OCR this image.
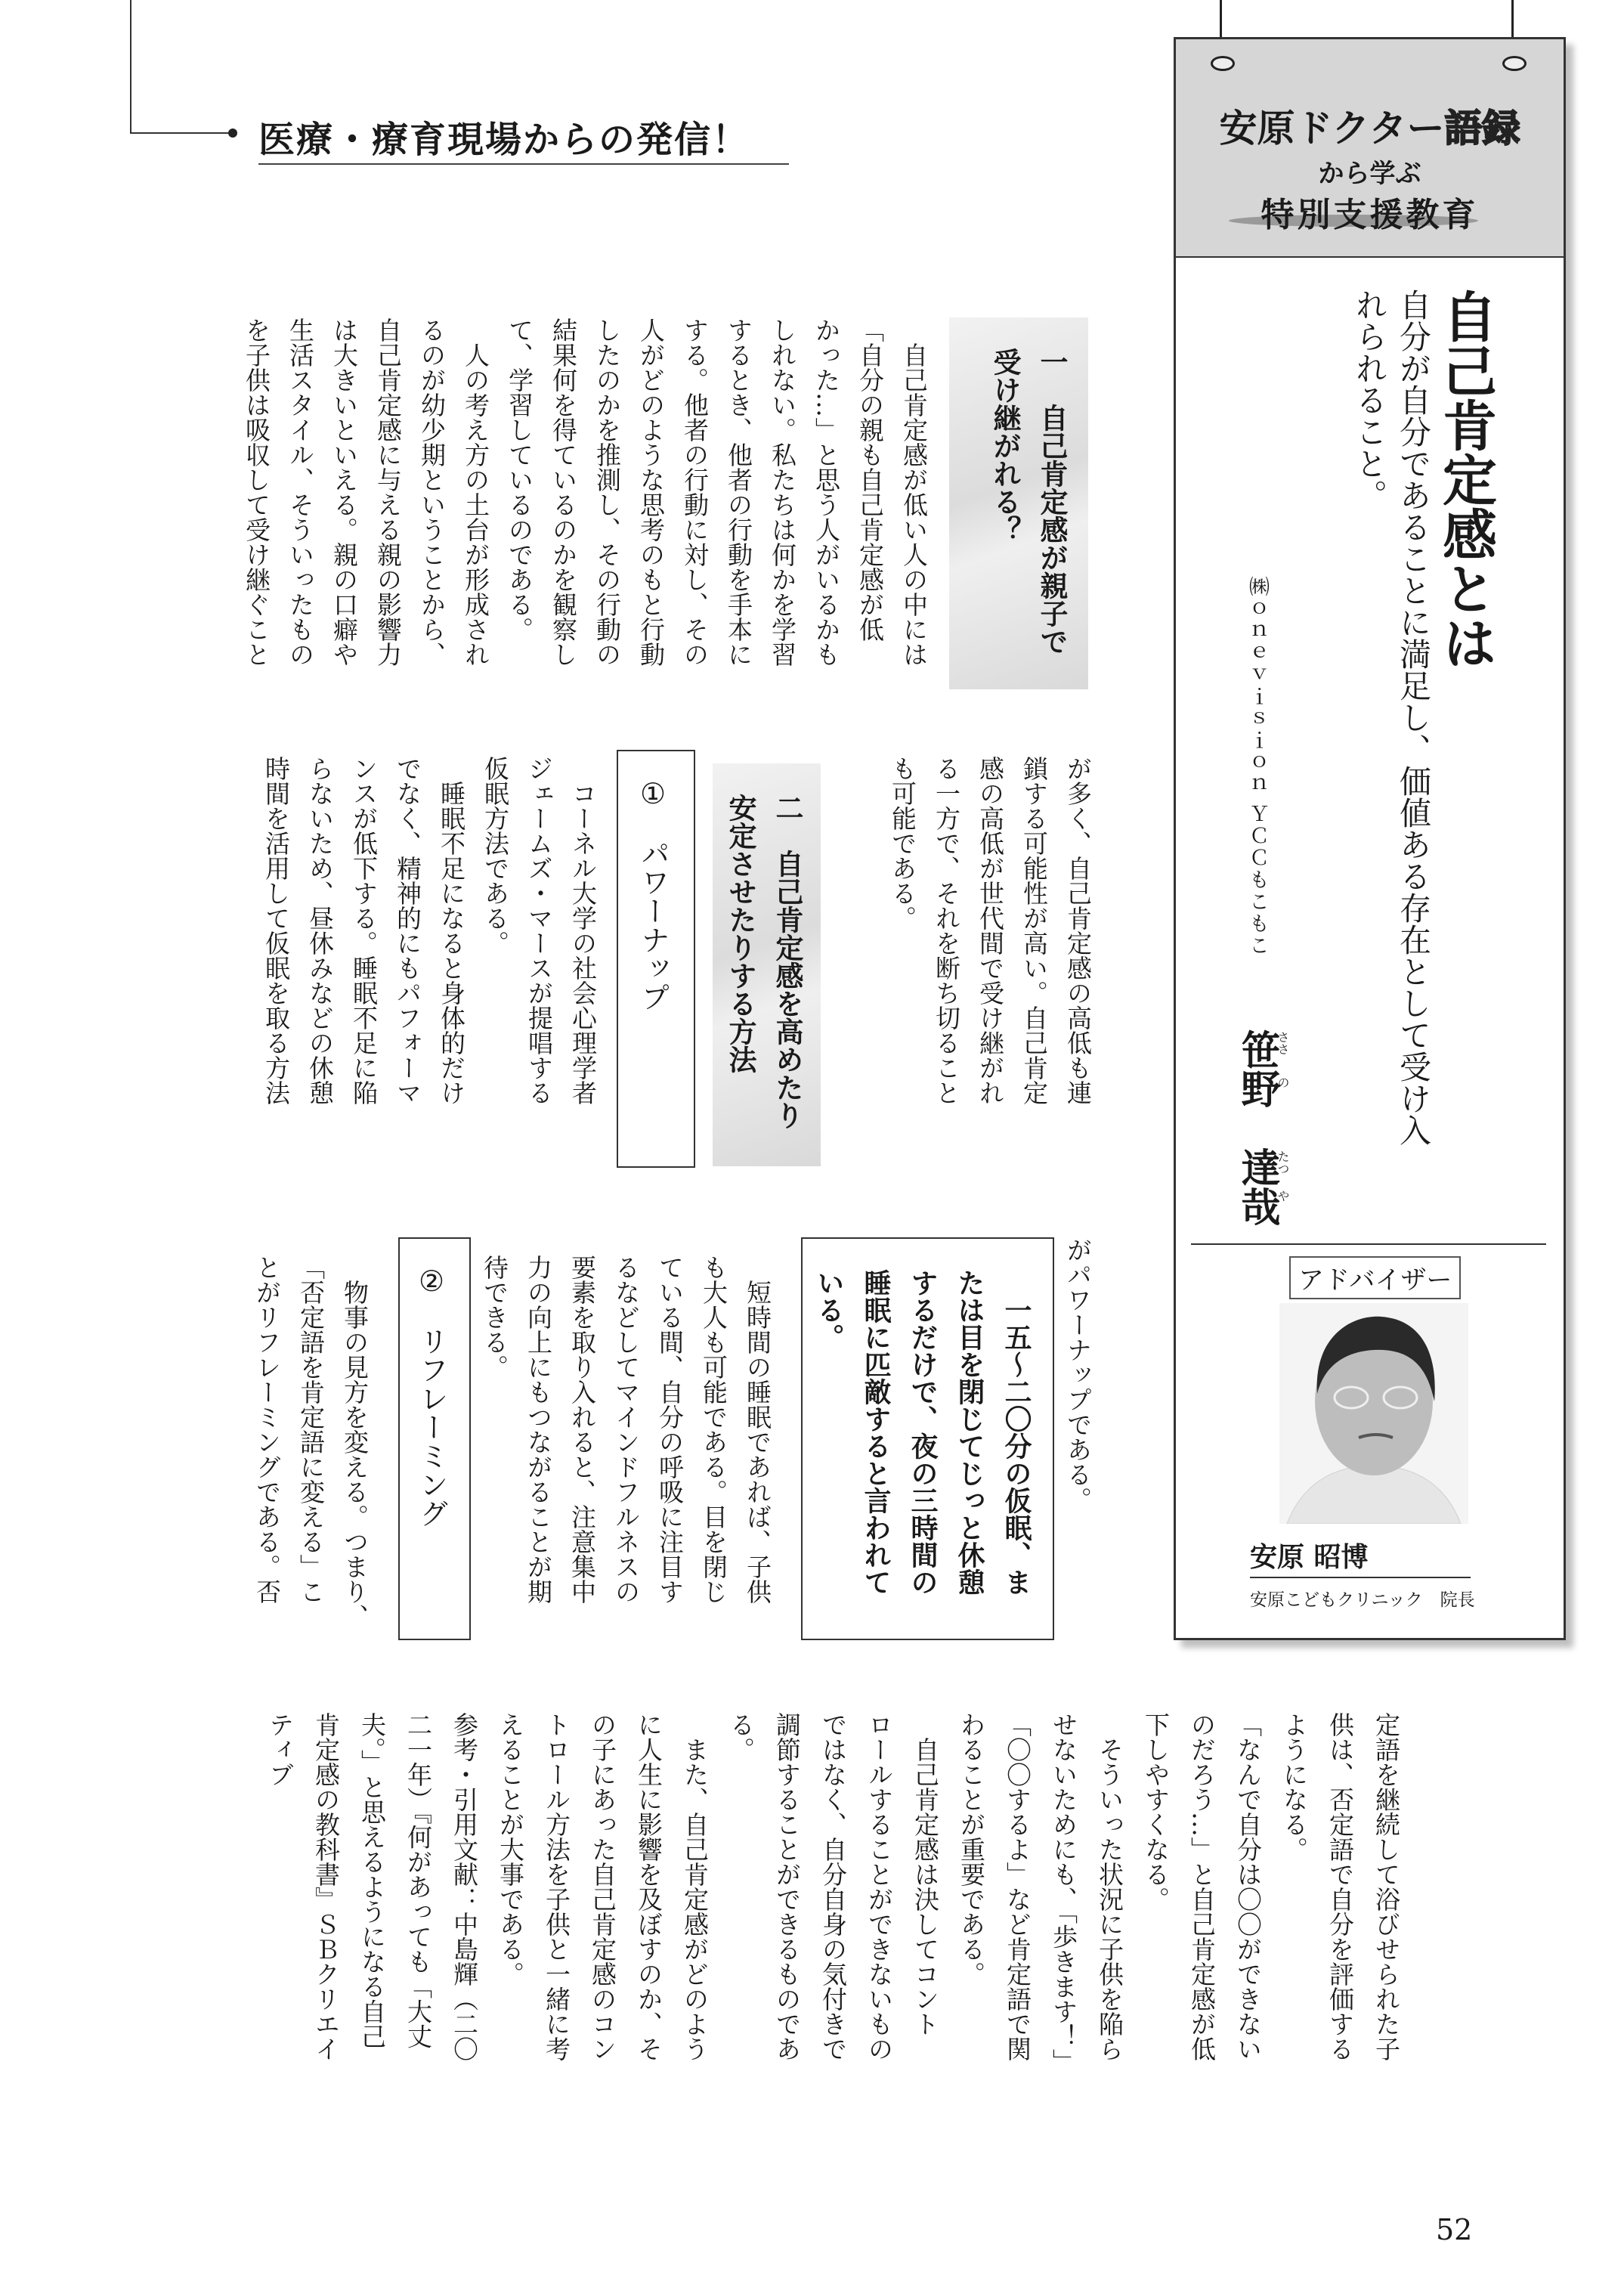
医療・療育現場からの発信！
一　自己肯定感が親子で
受け継がれる？
　自己肯定感が低い人の中には
「自分の親も自己肯定感が低
かった…」と思う人がいるかも
しれない。私たちは何かを学習
するとき、他者の行動を手本に
する。他者の行動に対し、その
人がどのような思考のもと行動
したのかを推測し、その行動の
結果何を得ているのかを観察し
て、学習しているのである。
　人の考え方の土台が形成され
るのが幼少期ということから、
自己肯定感に与える親の影響力
は大きいといえる。親の口癖や
生活スタイル、そういったもの
を子供は吸収して受け継ぐこと
が多く、自己肯定感の高低も連
鎖する可能性が高い。自己肯定
感の高低が世代間で受け継がれ
る一方で、それを断ち切ること
も可能である。
二　自己肯定感を高めたり
安定させたりする方法
①　パワーナップ
　コーネル大学の社会心理学者
ジェームズ・マースが提唱する
仮眠方法である。
　睡眠不足になると身体的だけ
でなく、精神的にもパフォーマ
ンスが低下する。睡眠不足に陥
らないため、昼休みなどの休憩
時間を活用して仮眠を取る方法
がパワーナップである。
　一五〜二〇分の仮眠、ま
たは目を閉じてじっと休憩
するだけで、夜の三時間の
睡眠に匹敵すると言われて
いる。
　短時間の睡眠であれば、子供
も大人も可能である。目を閉じ
ている間、自分の呼吸に注目す
るなどしてマインドフルネスの
要素を取り入れると、注意集中
力の向上にもつながることが期
待できる。
②　リフレーミング
　物事の見方を変える。つまり、
「否定語を肯定語に変える」こ
とがリフレーミングである。否
定語を継続して浴びせられた子
供は、否定語で自分を評価する
ようになる。
「なんで自分は〇〇ができない
のだろう…」と自己肯定感が低
下しやすくなる。
　そういった状況に子供を陥ら
せないためにも、「歩きます！」
「〇〇するよ」など肯定語で関
わることが重要である。
　自己肯定感は決してコント
ロールすることができないもの
ではなく、自分自身の気付きで
調節することができるものであ
る。
　また、自己肯定感がどのよう
に人生に影響を及ぼすのか、そ
の子にあった自己肯定感のコン
トロール方法を子供と一緒に考
えることが大事である。
参考・引用文献：中島輝（二〇
二一年）『何があっても「大丈
夫。」と思えるようになる自己
肯定感の教科書』ＳＢクリエイ
ティブ
安原ドクター語録
から学ぶ
特別支援教育
自己肯定感とは
自分が自分であることに満足し、価値ある存在として受け入
れられること。
㈱ｏｎｅｖｉｓｉｏｎ ＹＣＣもこもこ
笹野　達哉
ささ
の
たつ
や
アドバイザー
安原 昭博
安原こどもクリニック　院長
52
